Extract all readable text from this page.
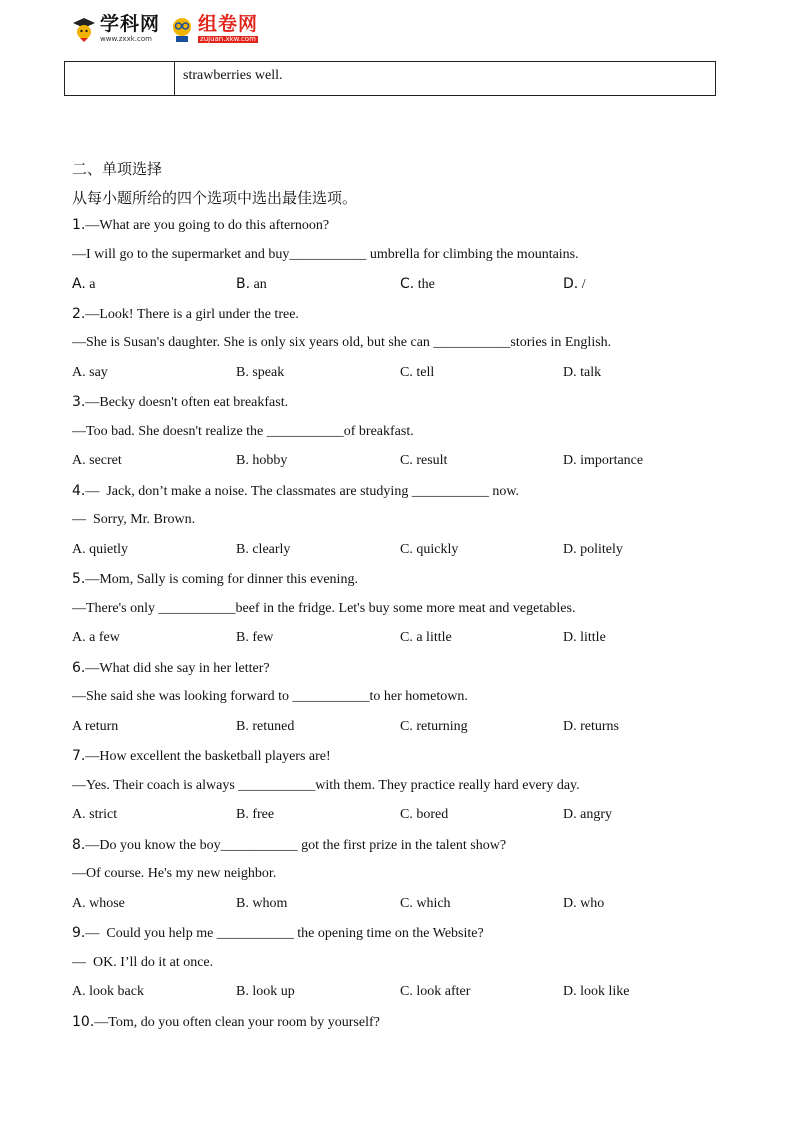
学科网
www.zxxk.com
组卷网
zujuan.xkw.com
strawberries well.
二、单项选择
从每小题所给的四个选项中选出最佳选项。
1.—What are you going to do this afternoon?
—I will go to the supermarket and buy___________ umbrella for climbing the mountains.
A. a	B. an	C. the	D. /
2.—Look! There is a girl under the tree.
—She is Susan's daughter. She is only six years old, but she can ___________stories in English.
A. say	B. speak	C. tell	D. talk
3.—Becky doesn't often eat breakfast.
—Too bad. She doesn't realize the ___________of breakfast.
A. secret	B. hobby	C. result	D. importance
4.—  Jack, don’t make a noise. The classmates are studying ___________ now.
—  Sorry, Mr. Brown.
A. quietly	B. clearly	C. quickly	D. politely
5.—Mom, Sally is coming for dinner this evening.
—There's only ___________beef in the fridge. Let's buy some more meat and vegetables.
A. a few	B. few	C. a little	D. little
6.—What did she say in her letter?
—She said she was looking forward to ___________to her hometown.
A return	B. retuned	C. returning	D. returns
7.—How excellent the basketball players are!
—Yes. Their coach is always ___________with them. They practice really hard every day.
A. strict	B. free	C. bored	D. angry
8.—Do you know the boy___________ got the first prize in the talent show?
—Of course. He's my new neighbor.
A. whose	B. whom	C. which	D. who
9.—  Could you help me ___________ the opening time on the Website?
—  OK. I’ll do it at once.
A. look back	B. look up	C. look after	D. look like
10.—Tom, do you often clean your room by yourself?
